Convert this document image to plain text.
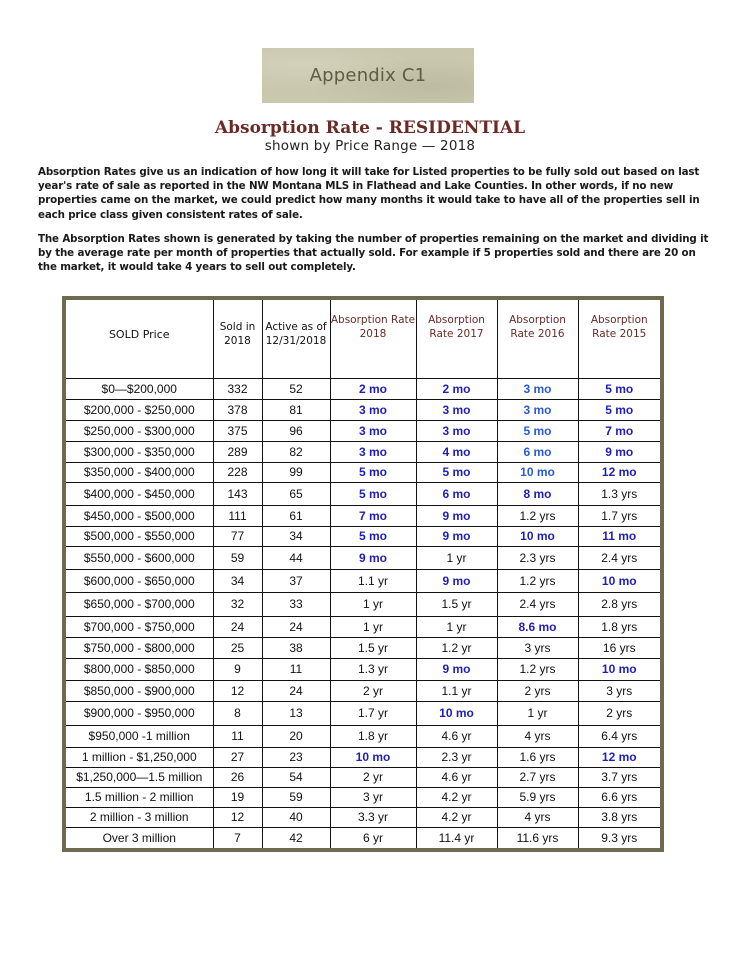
Appendix C1
Absorption Rate - RESIDENTIAL
shown by Price Range — 2018
Absorption Rates give us an indication of how long it will take for Listed properties to be fully sold out based on last year's rate of sale as reported in the NW Montana MLS in Flathead and Lake Counties. In other words, if no new properties came on the market, we could predict how many months it would take to have all of the properties sell in each price class given consistent rates of sale.
The Absorption Rates shown is generated by taking the number of properties remaining on the market and dividing it by the average rate per month of properties that actually sold. For example if 5 properties sold and there are 20 on the market, it would take 4 years to sell out completely.
SOLD Price	Sold in 2018	Active as of 12/31/2018	Absorption Rate 2018	Absorption Rate 2017	Absorption Rate 2016	Absorption Rate 2015
$0—$200,000	332	52	2 mo	2 mo	3 mo	5 mo
$200,000 - $250,000	378	81	3 mo	3 mo	3 mo	5 mo
$250,000 - $300,000	375	96	3 mo	3 mo	5 mo	7 mo
$300,000 - $350,000	289	82	3 mo	4 mo	6 mo	9 mo
$350,000 - $400,000	228	99	5 mo	5 mo	10 mo	12 mo
$400,000 - $450,000	143	65	5 mo	6 mo	8 mo	1.3 yrs
$450,000 - $500,000	111	61	7 mo	9 mo	1.2 yrs	1.7 yrs
$500,000 - $550,000	77	34	5 mo	9 mo	10 mo	11 mo
$550,000 - $600,000	59	44	9 mo	1 yr	2.3 yrs	2.4 yrs
$600,000 - $650,000	34	37	1.1 yr	9 mo	1.2 yrs	10 mo
$650,000 - $700,000	32	33	1 yr	1.5 yr	2.4 yrs	2.8 yrs
$700,000 - $750,000	24	24	1 yr	1 yr	8.6 mo	1.8 yrs
$750,000 - $800,000	25	38	1.5 yr	1.2 yr	3 yrs	16 yrs
$800,000 - $850,000	9	11	1.3 yr	9 mo	1.2 yrs	10 mo
$850,000 - $900,000	12	24	2 yr	1.1 yr	2 yrs	3 yrs
$900,000 - $950,000	8	13	1.7 yr	10 mo	1 yr	2 yrs
$950,000 -1 million	11	20	1.8 yr	4.6 yr	4 yrs	6.4 yrs
1 million - $1,250,000	27	23	10 mo	2.3 yr	1.6 yrs	12 mo
$1,250,000—1.5 million	26	54	2 yr	4.6 yr	2.7 yrs	3.7 yrs
1.5 million - 2 million	19	59	3 yr	4.2 yr	5.9 yrs	6.6 yrs
2 million - 3 million	12	40	3.3 yr	4.2 yr	4 yrs	3.8 yrs
Over 3 million	7	42	6 yr	11.4 yr	11.6 yrs	9.3 yrs
